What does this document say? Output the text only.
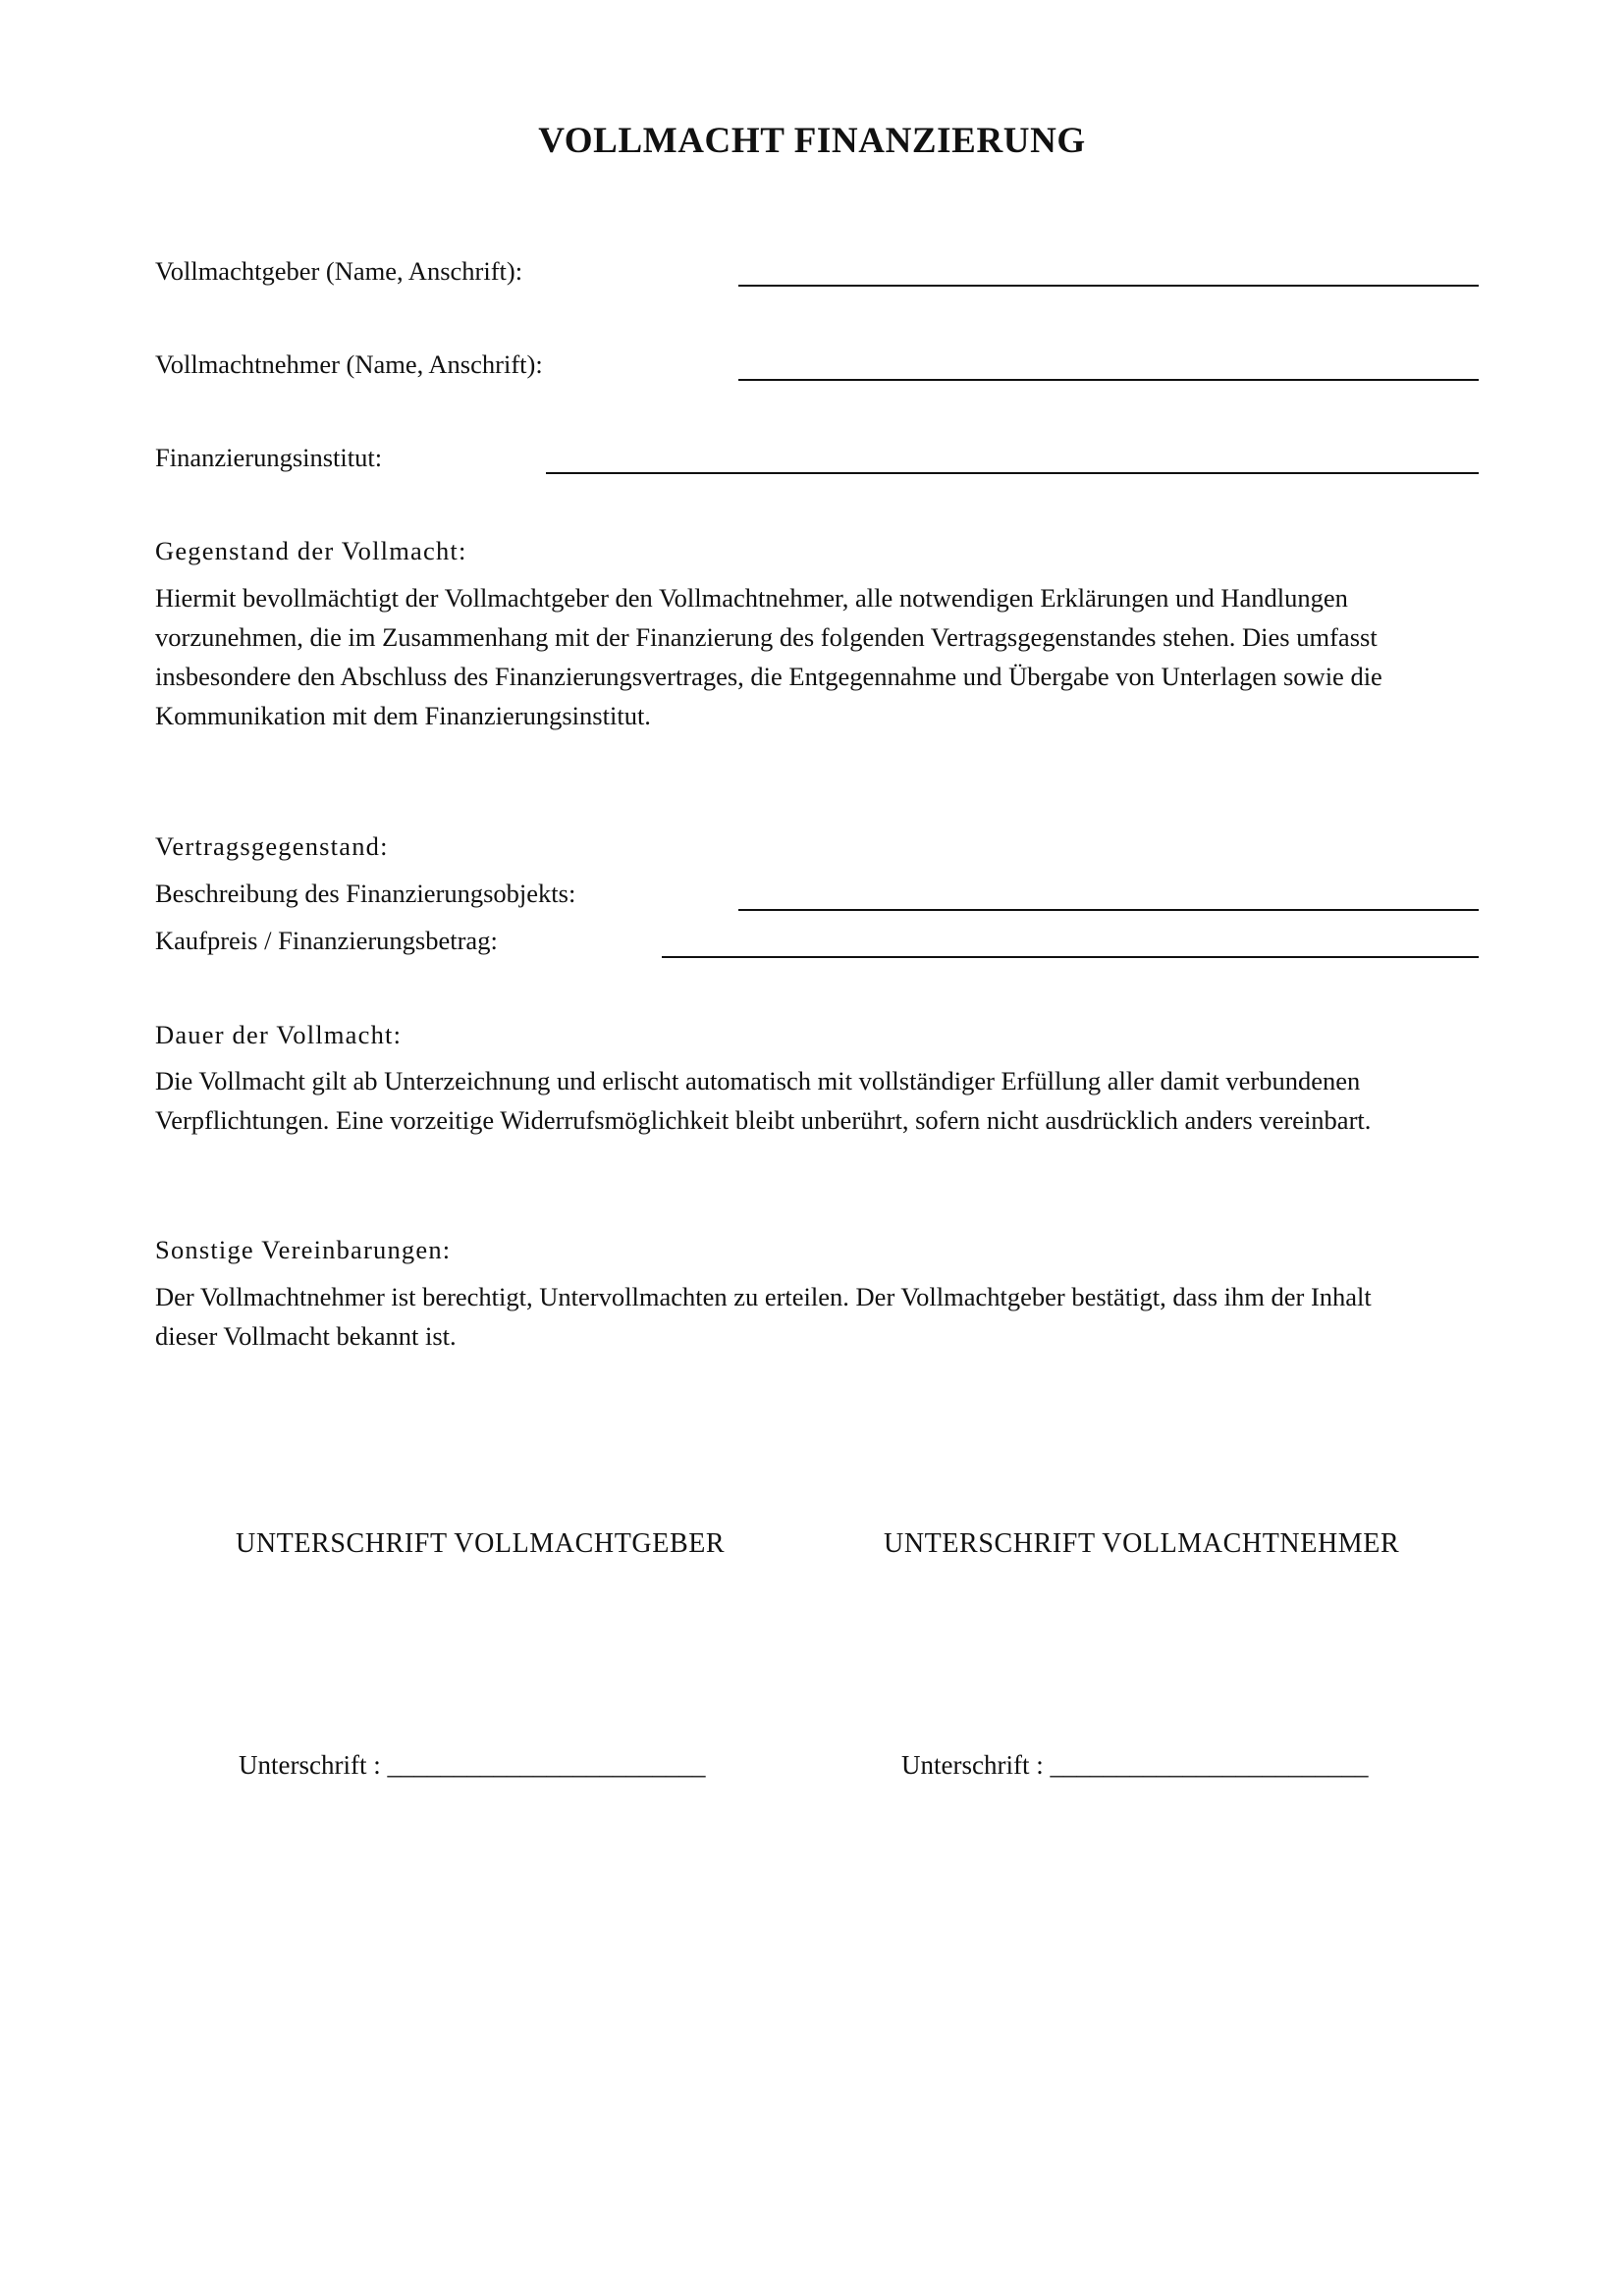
VOLLMACHT FINANZIERUNG
Vollmachtgeber (Name, Anschrift):
Vollmachtnehmer (Name, Anschrift):
Finanzierungsinstitut:
Gegenstand der Vollmacht:
Hiermit bevollmächtigt der Vollmachtgeber den Vollmachtnehmer, alle notwendigen Erklärungen und Handlungen
vorzunehmen, die im Zusammenhang mit der Finanzierung des folgenden Vertragsgegenstandes stehen. Dies umfasst
insbesondere den Abschluss des Finanzierungsvertrages, die Entgegennahme und Übergabe von Unterlagen sowie die
Kommunikation mit dem Finanzierungsinstitut.
Vertragsgegenstand:
Beschreibung des Finanzierungsobjekts:
Kaufpreis / Finanzierungsbetrag:
Dauer der Vollmacht:
Die Vollmacht gilt ab Unterzeichnung und erlischt automatisch mit vollständiger Erfüllung aller damit verbundenen
Verpflichtungen. Eine vorzeitige Widerrufsmöglichkeit bleibt unberührt, sofern nicht ausdrücklich anders vereinbart.
Sonstige Vereinbarungen:
Der Vollmachtnehmer ist berechtigt, Untervollmachten zu erteilen. Der Vollmachtgeber bestätigt, dass ihm der Inhalt
dieser Vollmacht bekannt ist.
UNTERSCHRIFT VOLLMACHTGEBER	UNTERSCHRIFT VOLLMACHTNEHMER
Unterschrift : ________________________	Unterschrift : ________________________
